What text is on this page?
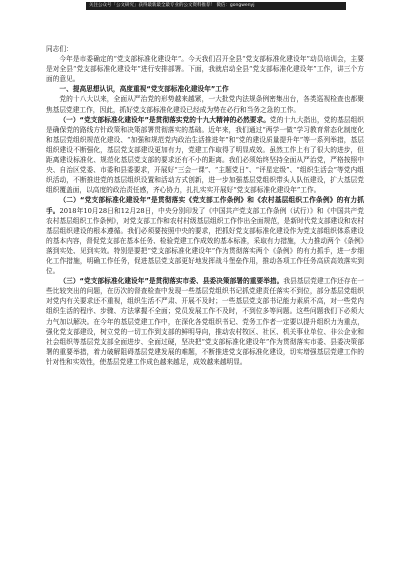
关注公众号「公文研究」获得最新最全最专业的公文资料推荐！ 微信：gongwenyj

同志们：

今年是市委确定的“党支部标准化建设年”。今天我们召开全县“党支部标准化建设年”动员培训会，主要是对全县“党支部标准化建设年”进行安排部署。下面，我就启动全县“党支部标准化建设年”工作，讲三个方面的意见。

一、提高思想认识，高度重视“党支部标准化建设年”工作

党的十八大以来，全面从严治党的形势越来越紧，一大批党内法规条例密集出台，各类巡视检查也都聚焦基层党建工作，因此，抓好党支部标准化建设已经成为势在必行和当务之急的工作。

（一）“党支部标准化建设年”是贯彻落实党的十九大精神的必然要求。党的十九大指出，党的基层组织是确保党的路线方针政策和决策部署贯彻落实的基础。近年来，我们通过“两学一做”学习教育常态化制度化和基层党组织规范化建设、“加强和规范党内政治生活推进年”和“党的建设质量提升年”等一系列举措，基层组织建设不断强化，基层党支部建设更加有力，党建工作取得了明显成效。虽然工作上有了很大的进步，但距离建设标准化、规范化基层党支部的要求还有不小的距离。我们必须始终坚持全面从严治党，严格按照中央、自治区党委、市委和县委要求，开展好“三会一课”、“主题党日”、“评星定级”、“组织生活会”等党内组织活动，不断推进党的基层组织设置和活动方式创新，进一步加强基层党组织带头人队伍建设，扩大基层党组织覆盖面，以高度的政治责任感，齐心协力，扎扎实实开展好“党支部标准化建设年”工作。

（二）“党支部标准化建设年”是贯彻落实《党支部工作条例》和《农村基层组织工作条例》的有力抓手。2018年10月28日和12月28日，中央分别印发了《中国共产党支部工作条例（试行）》和《中国共产党农村基层组织工作条例》，对党支部工作和农村村级基层组织工作作出全面规范，是新时代党支部建设和农村基层组织建设的根本遵循。我们必须要按照中央的要求，把抓好党支部标准化建设作为党支部组织体系建设的基本内容，督促党支部在基本任务、检验党建工作成效的基本标准，采取有力措施，大力推动两个《条例》落到实处、见到实效。特别是要把“党支部标准化建设年”作为贯彻落实两个《条例》的有力抓手，进一步细化工作措施，明确工作任务，促进基层党支部更好地发挥战斗堡垒作用，推动各项工作任务高质高效落实到位。

（三）“党支部标准化建设年”是贯彻落实市委、县委决策部署的重要举措。我县基层党建工作还存在一些比较突出的问题，在历次的督查检查中发现一些基层党组织书记抓党建责任落实不到位，部分基层党组织对党内有关要求还不重视，组织生活不严肃、开展不及时；一些基层党支部书记能力素质不高，对一些党内组织生活的程序、步骤、方法掌握不全面；党员发展工作不及时，不到位多等问题。这些问题我们下必须大力气加以解决。在今年的基层党建工作中，在深化各党组织书记、党务工作者一定要以提升组织力为重点，强化党支部建设，树立党的一切工作到支部的鲜明导向，推动农村牧区、社区、机关事业单位、非公企业和社会组织等基层党支部全面进步、全面过硬，坚决把“党支部标准化建设年”作为贯彻落实市委、县委决策部署的重要举措，着力破解阻碍基层党建发展的难题，不断推进党支部标准化建设，切实增强基层党建工作的针对性和实效性，使基层党建工作成色越来越足，成效越来越明显。
